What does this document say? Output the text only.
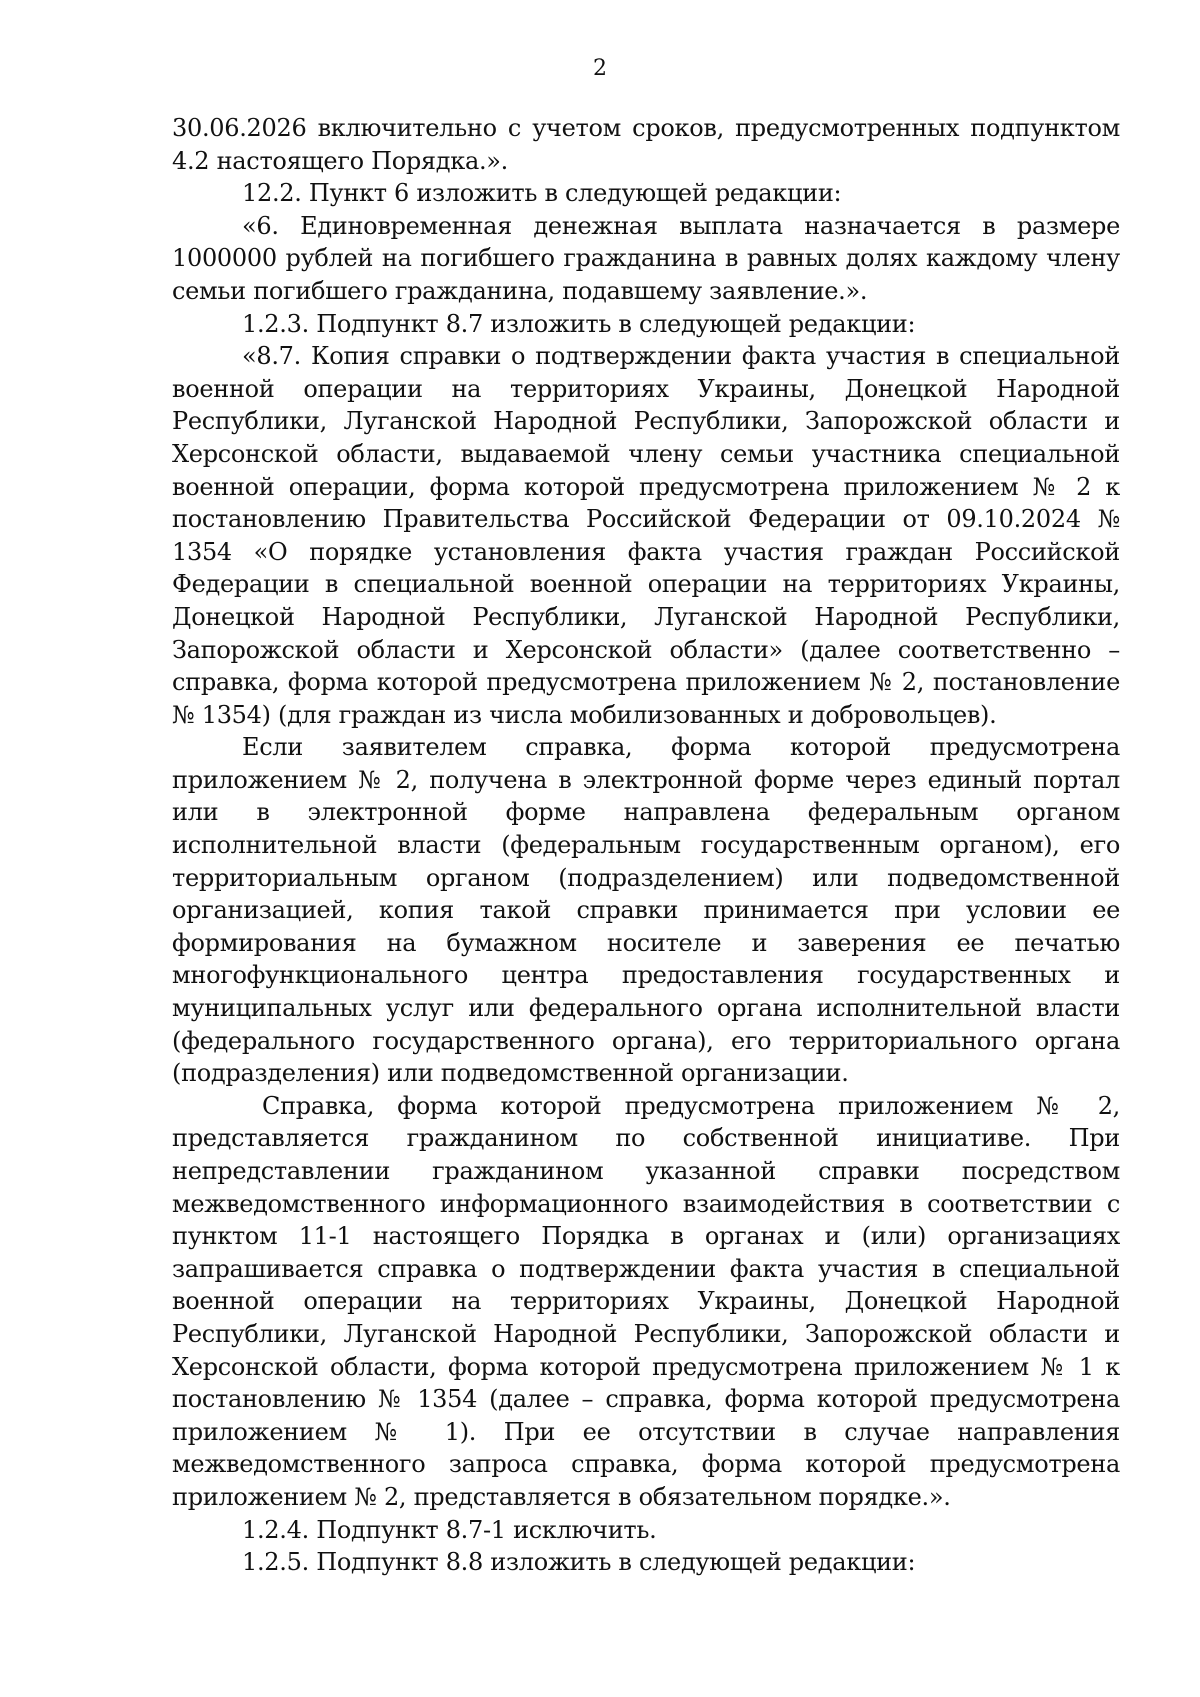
2

30.06.2026 включительно с учетом сроков, предусмотренных подпунктом 4.2 настоящего Порядка.».

12.2. Пункт 6 изложить в следующей редакции:

«6. Единовременная денежная выплата назначается в размере 1000000 рублей на погибшего гражданина в равных долях каждому члену семьи погибшего гражданина, подавшему заявление.».

1.2.3. Подпункт 8.7 изложить в следующей редакции:

«8.7. Копия справки о подтверждении факта участия в специальной военной операции на территориях Украины, Донецкой Народной Республики, Луганской Народной Республики, Запорожской области и Херсонской области, выдаваемой члену семьи участника специальной военной операции, форма которой предусмотрена приложением № 2 к постановлению Правительства Российской Федерации от 09.10.2024 № 1354 «О порядке установления факта участия граждан Российской Федерации в специальной военной операции на территориях Украины, Донецкой Народной Республики, Луганской Народной Республики, Запорожской области и Херсонской области» (далее соответственно – справка, форма которой предусмотрена приложением № 2, постановление № 1354) (для граждан из числа мобилизованных и добровольцев).

Если заявителем справка, форма которой предусмотрена приложением № 2, получена в электронной форме через единый портал или в электронной форме направлена федеральным органом исполнительной власти (федеральным государственным органом), его территориальным органом (подразделением) или подведомственной организацией, копия такой справки принимается при условии ее формирования на бумажном носителе и заверения ее печатью многофункционального центра предоставления государственных и муниципальных услуг или федерального органа исполнительной власти (федерального государственного органа), его территориального органа (подразделения) или подведомственной организации.

Справка, форма которой предусмотрена приложением № 2, представляется гражданином по собственной инициативе. При непредставлении гражданином указанной справки посредством межведомственного информационного взаимодействия в соответствии с пунктом 11-1 настоящего Порядка в органах и (или) организациях запрашивается справка о подтверждении факта участия в специальной военной операции на территориях Украины, Донецкой Народной Республики, Луганской Народной Республики, Запорожской области и Херсонской области, форма которой предусмотрена приложением № 1 к постановлению № 1354 (далее – справка, форма которой предусмотрена приложением № 1). При ее отсутствии в случае направления межведомственного запроса справка, форма которой предусмотрена приложением № 2, представляется в обязательном порядке.».

1.2.4. Подпункт 8.7-1 исключить.

1.2.5. Подпункт 8.8 изложить в следующей редакции:
